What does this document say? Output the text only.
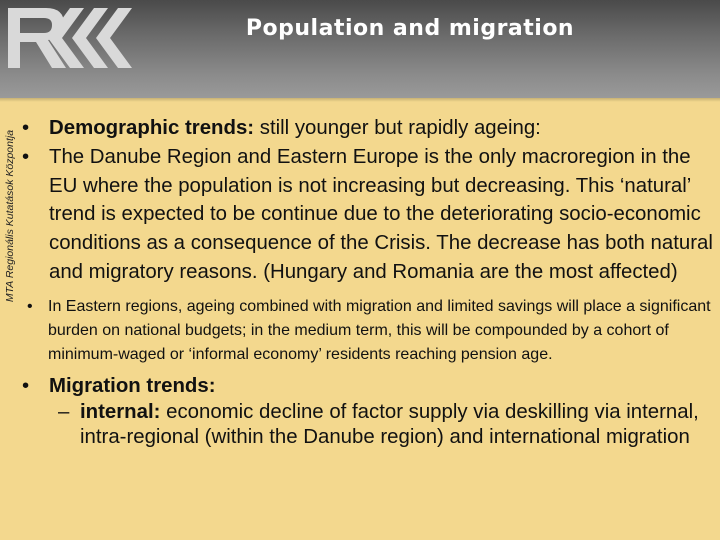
Population and migration
MTA Regionális Kutatások Központja
• Demographic trends: still younger but rapidly ageing:
• The Danube Region and Eastern Europe is the only macroregion in the EU where the population is not increasing but decreasing. This ‘natural’ trend is expected to be continue due to the deteriorating socio-economic conditions as a consequence of the Crisis. The decrease has both natural and migratory reasons. (Hungary and Romania are the most affected)
• In Eastern regions, ageing combined with migration and limited savings will place a significant burden on national budgets; in the medium term, this will be compounded by a cohort of minimum-waged or ‘informal economy’ residents reaching pension age.
• Migration trends:
– internal: economic decline of factor supply via deskilling via internal, intra-regional (within the Danube region) and international migration
